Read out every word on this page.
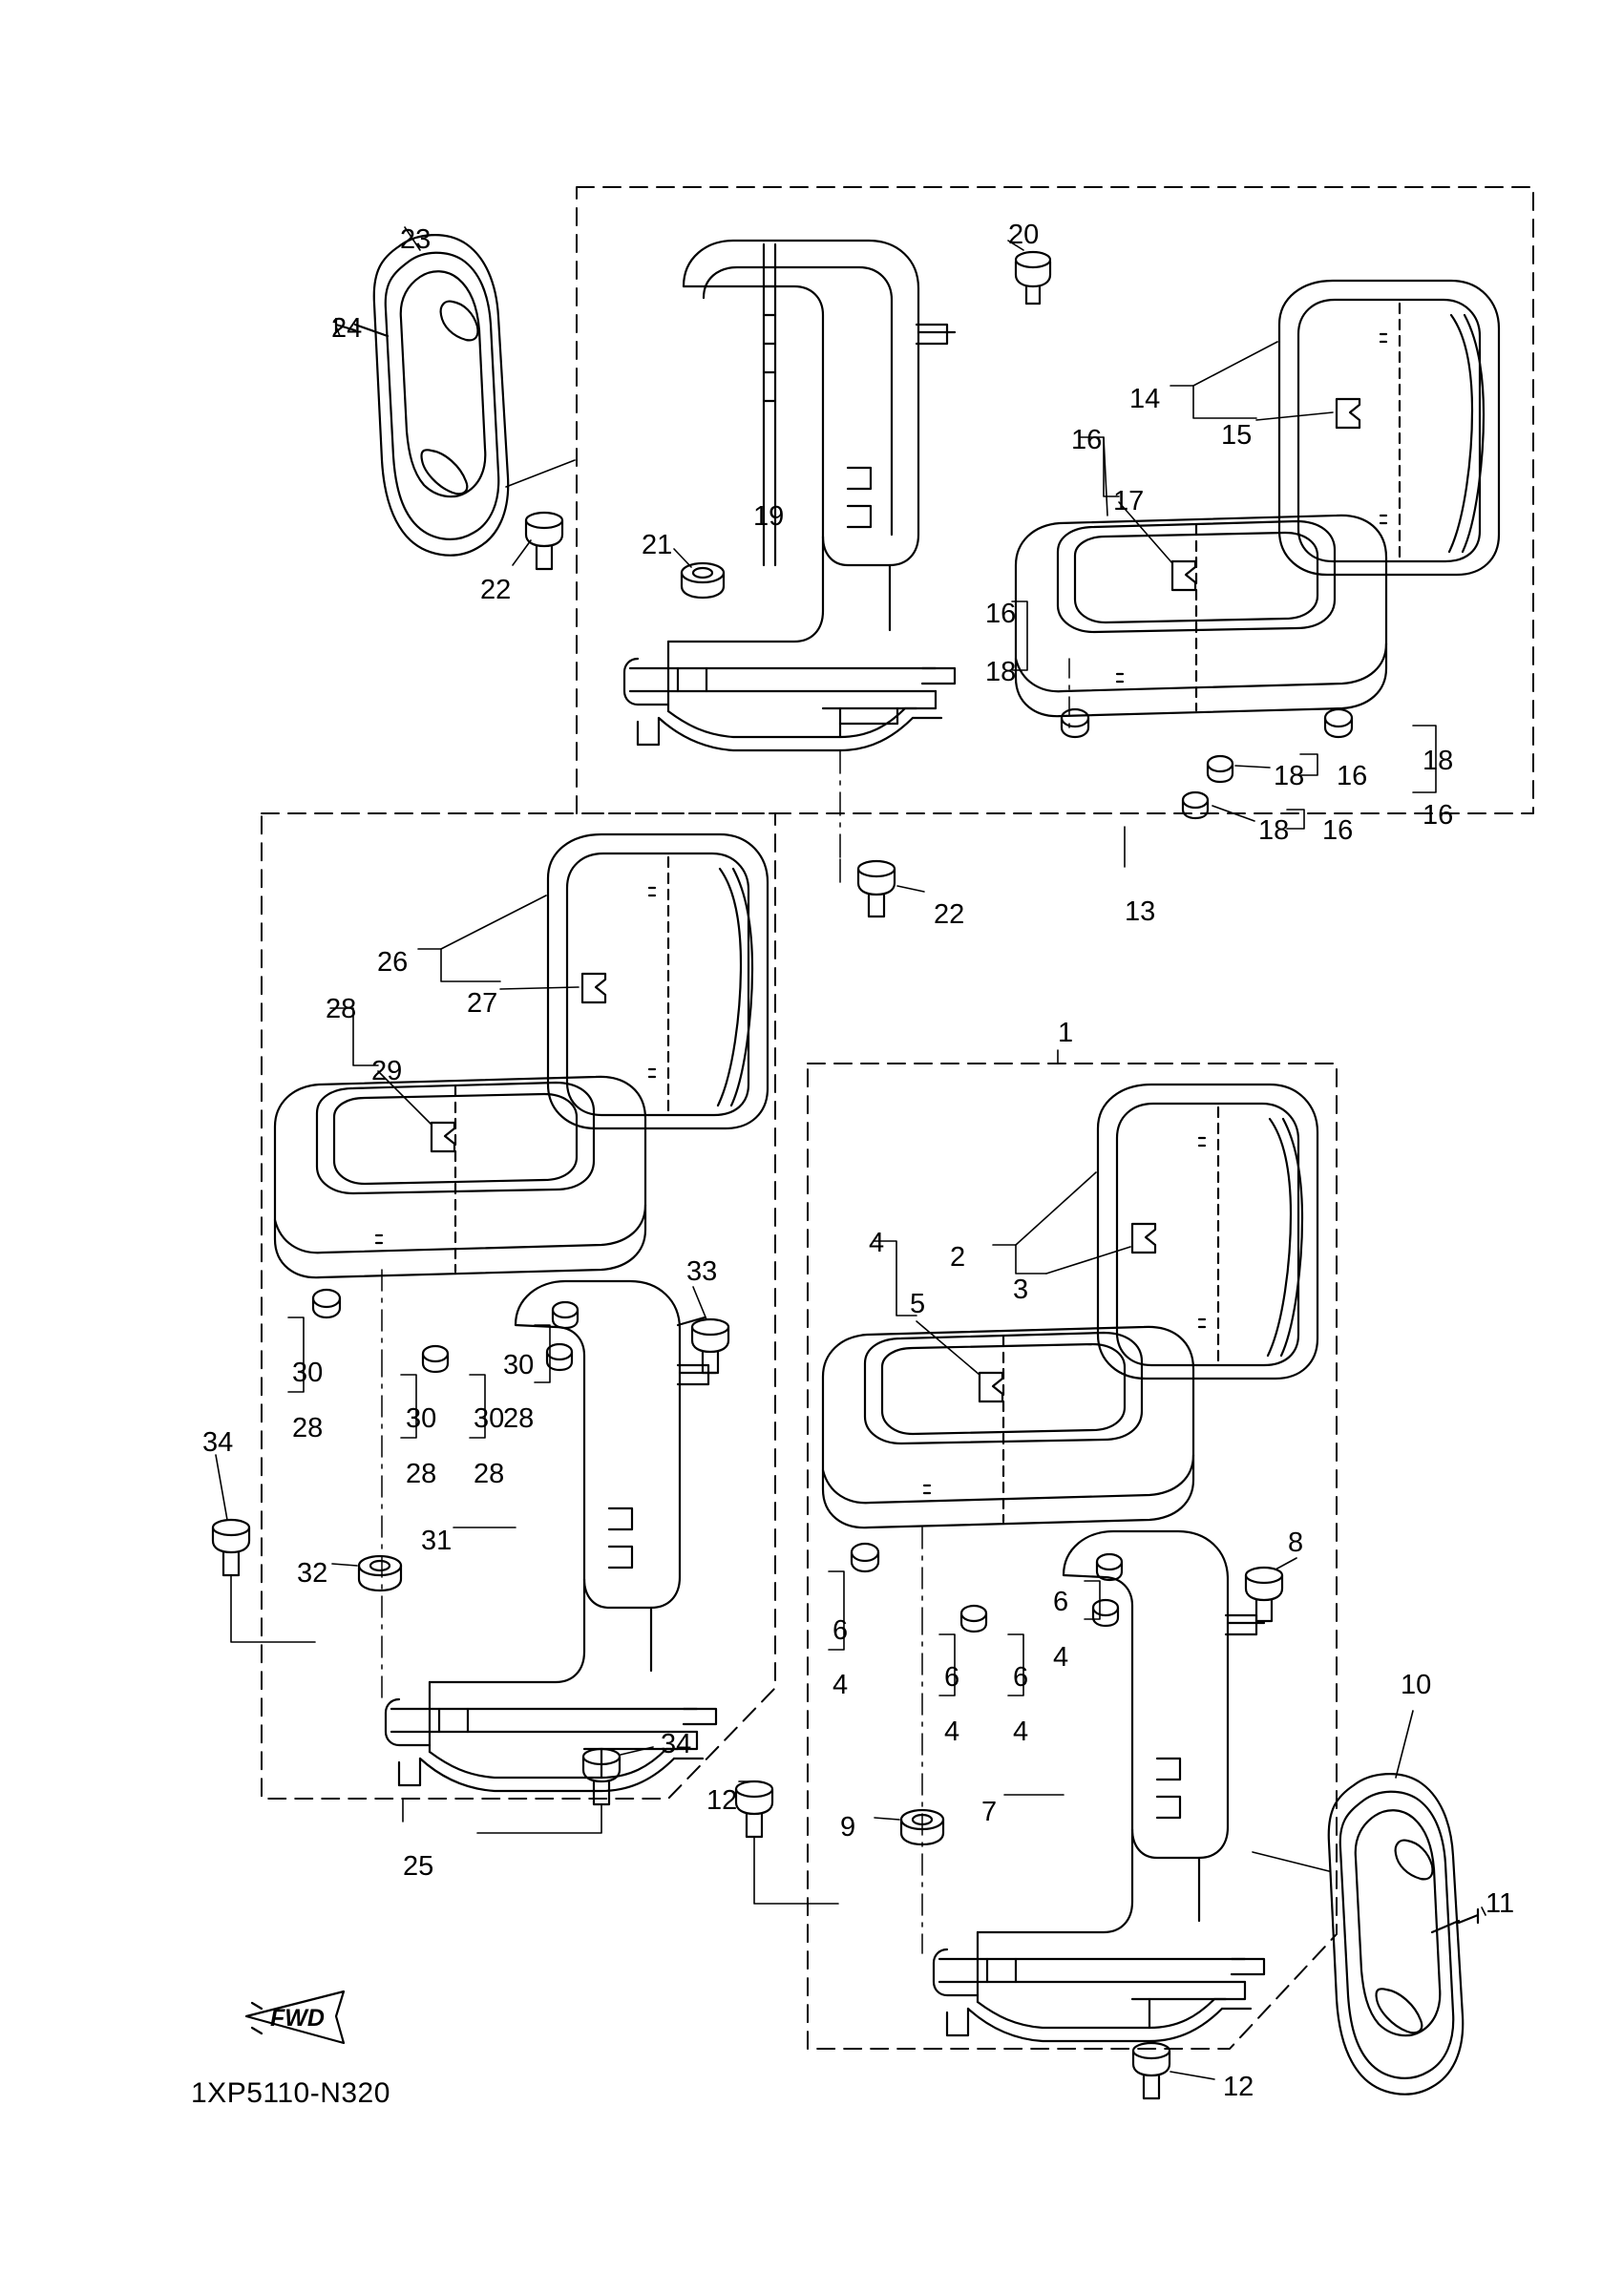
23
24
22
20
19
21
14
15
16
17
16
18
18 16 18
16
18 16
22	13
26
27
28
29
33
30
28
30
28	30
28
30
28
34
31
32
34
25
1
2
3
4
5
8
10
6
4
6
4	6
4
6
4
11
7
9
12
12
FWD
1XP5110-N320
